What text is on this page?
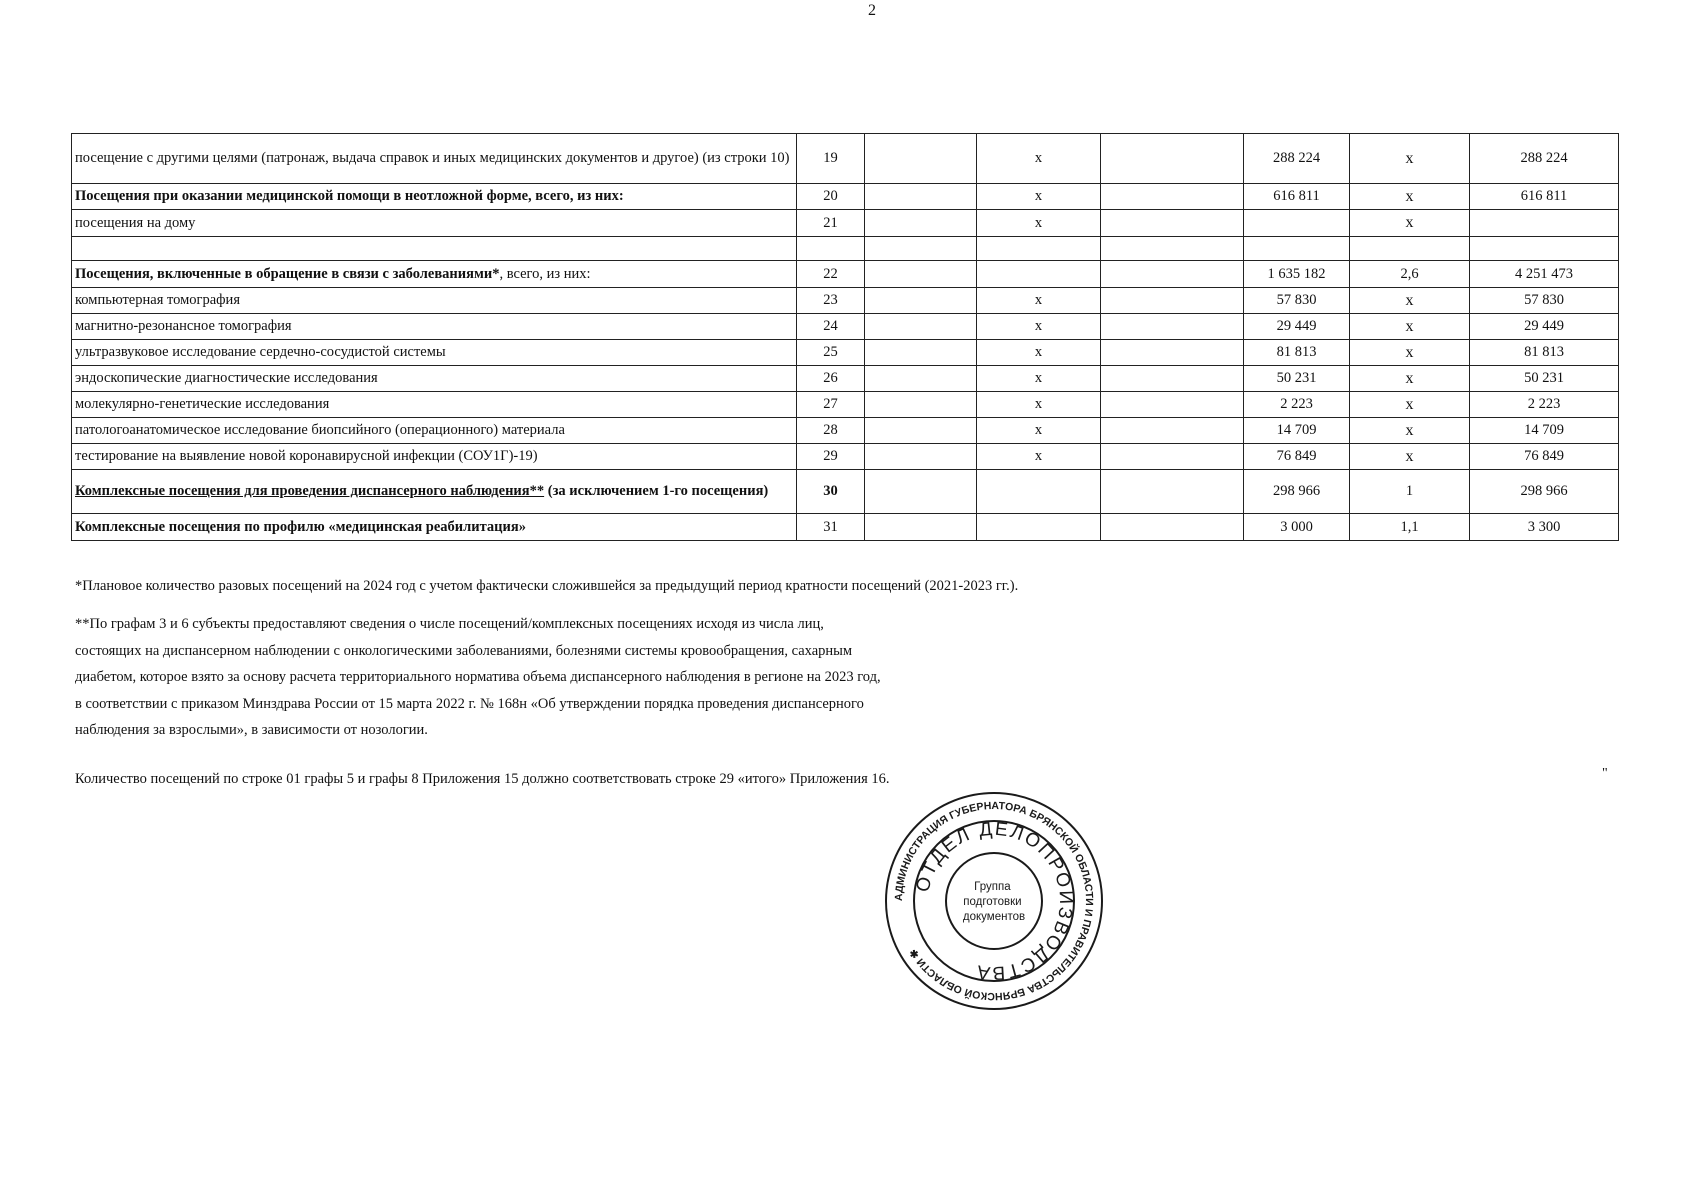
2
посещение с другими целями (патронаж, выдача справок и иных медицинских документов и другое) (из строки 10)	19		x		288 224	x	288 224
Посещения при оказании медицинской помощи в неотложной форме, всего, из них:	20		x		616 811	x	616 811
посещения на дому	21		x			x	

Посещения, включенные в обращение в связи с заболеваниями*, всего, из них:	22				1 635 182	2,6	4 251 473
компьютерная томография	23		x		57 830	x	57 830
магнитно-резонансное томография	24		x		29 449	x	29 449
ультразвуковое исследование сердечно-сосудистой системы	25		x		81 813	x	81 813
эндоскопические диагностические исследования	26		x		50 231	x	50 231
молекулярно-генетические исследования	27		x		2 223	x	2 223
патологоанатомическое исследование биопсийного (операционного) материала	28		x		14 709	x	14 709
тестирование на выявление новой коронавирусной инфекции (СОУ1Г)-19)	29		x		76 849	x	76 849
Комплексные посещения для проведения диспансерного наблюдения** (за исключением 1-го посещения)	30				298 966	1	298 966
Комплексные посещения по профилю «медицинская реабилитация»	31				3 000	1,1	3 300
*Плановое количество разовых посещений на 2024 год с учетом фактически сложившейся за предыдущий период кратности посещений (2021-2023 гг.).
**По графам 3 и 6 субъекты предоставляют сведения о числе посещений/комплексных посещениях исходя из числа лиц,
состоящих на диспансерном наблюдении с онкологическими заболеваниями, болезнями системы кровообращения, сахарным
диабетом, которое взято за основу расчета территориального норматива объема диспансерного наблюдения в регионе на 2023 год,
в соответствии с приказом Минздрава России от 15 марта 2022 г. № 168н «Об утверждении порядка проведения диспансерного
наблюдения за взрослыми», в зависимости от нозологии.
Количество посещений по строке 01 графы 5 и графы 8 Приложения 15 должно соответствовать строке 29 «итого» Приложения 16.	"
АДМИНИСТРАЦИЯ ГУБЕРНАТОРА БРЯНСКОЙ ОБЛАСТИ И ПРАВИТЕЛЬСТВА БРЯНСКОЙ ОБЛАСТИ ✱
ОТДЕЛ ДЕЛОПРОИЗВОДСТВА
Группа подготовки документов
